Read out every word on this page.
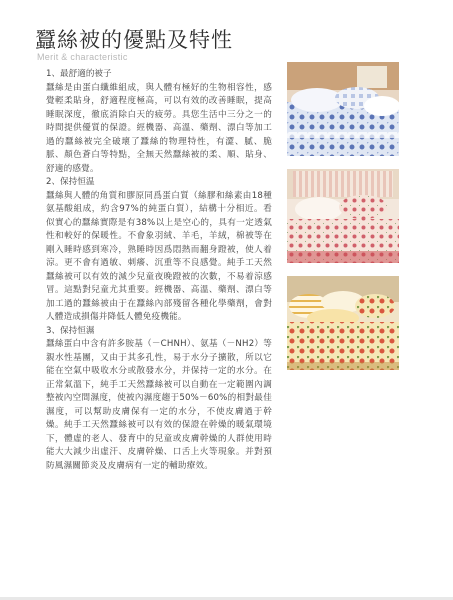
蠶絲被的優點及特性
Merit & characteristic

1、最舒適的被子

蠶絲是由蛋白纖維組成，與人體有極好的生物相容性，感覺輕柔貼身，舒適程度極高，可以有效的改善睡眠，提高睡眠深度，徹底消除白天的疲勞。具您生活中三分之一的時間提供優質的保證。經機器、高溫、藥劑、漂白等加工過的蠶絲被完全破壞了蠶絲的物理特性，有澀、膩、脆脈、顏色蒼白等特點，全無天然蠶絲被的柔、順、貼身、舒適的感覺。

2、保持恒温

蠶絲與人體的角質和膠原同爲蛋白質（絲膠和絲素由18種氨基酸組成，約含97%的純蛋白質），結構十分相近。看似實心的蠶絲實際是有38%以上是空心的，具有一定透氣性和較好的保暖性。不會象羽絨、羊毛，羊絨，棉被等在剛入睡時感到寒冷，熟睡時因爲悶熱而翻身蹬被，使人着涼。更不會有過敏、刺癢、沉重等不良感覺。純手工天然蠶絲被可以有效的減少兒童夜晚蹬被的次數，不易着涼感冒。這點對兒童尤其重要。經機器、高溫、藥劑、漂白等加工過的蠶絲被由于在蠶絲內部殘留各種化學藥劑，會對人體造成損傷并降低人體免疫機能。

3、保持恒濕

蠶絲蛋白中含有許多胺基（－CHNH）、氨基（－NH2）等親水性基團，又由于其多孔性，易于水分子擴散，所以它能在空氣中吸收水分或散發水分，并保持一定的水分。在正常氣溫下，純手工天然蠶絲被可以自動在一定範圍內調整被內空間濕度，使被內濕度趨于50%－60%的相對最佳濕度，可以幫助皮膚保有一定的水分，不使皮膚過于幹燥。純手工天然蠶絲被可以有效的保證在幹燥的暖氣環境下，體虛的老人、發育中的兒童或皮膚幹燥的人群使用時能大大減少出虛汗、皮膚幹燥、口舌上火等現象。并對預防風濕關節炎及皮膚病有一定的輔助療效。
